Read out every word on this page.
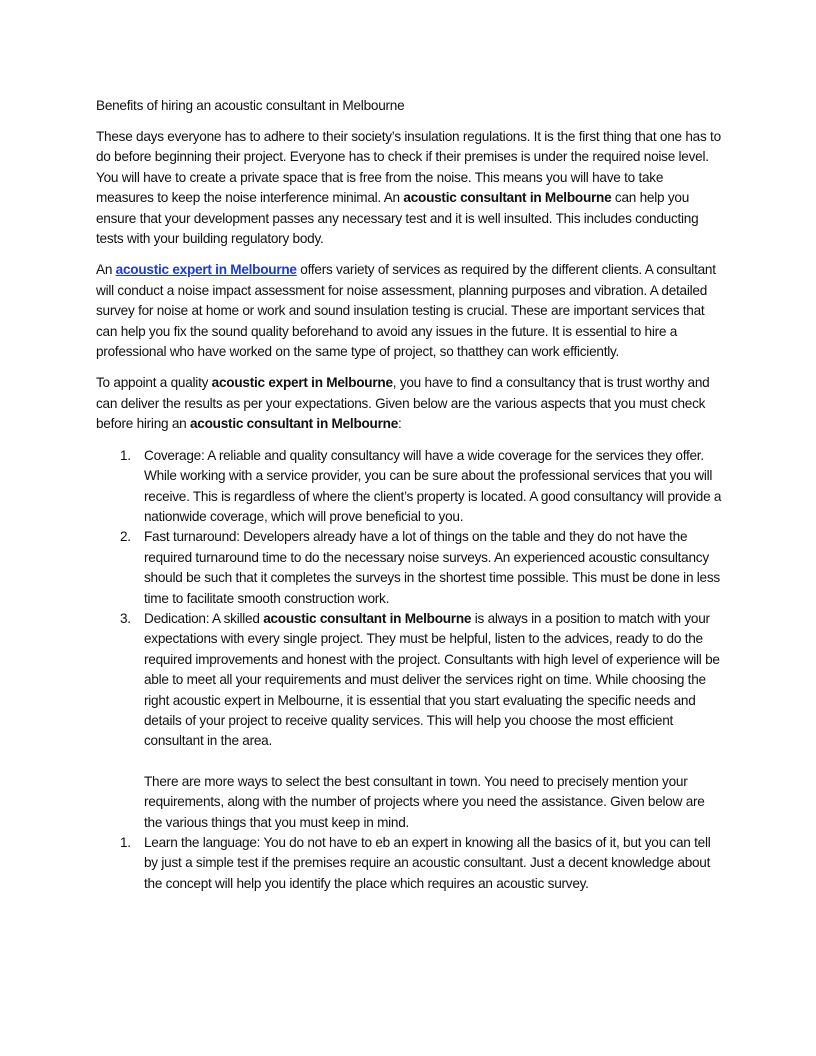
Benefits of hiring an acoustic consultant in Melbourne

These days everyone has to adhere to their society’s insulation regulations. It is the first thing that one has to do before beginning their project. Everyone has to check if their premises is under the required noise level. You will have to create a private space that is free from the noise. This means you will have to take measures to keep the noise interference minimal. An acoustic consultant in Melbourne can help you ensure that your development passes any necessary test and it is well insulted. This includes conducting tests with your building regulatory body.

An acoustic expert in Melbourne offers variety of services as required by the different clients. A consultant will conduct a noise impact assessment for noise assessment, planning purposes and vibration. A detailed survey for noise at home or work and sound insulation testing is crucial. These are important services that can help you fix the sound quality beforehand to avoid any issues in the future. It is essential to hire a professional who have worked on the same type of project, so thatthey can work efficiently.

To appoint a quality acoustic expert in Melbourne, you have to find a consultancy that is trust worthy and can deliver the results as per your expectations. Given below are the various aspects that you must check before hiring an acoustic consultant in Melbourne:

1. Coverage: A reliable and quality consultancy will have a wide coverage for the services they offer. While working with a service provider, you can be sure about the professional services that you will receive. This is regardless of where the client’s property is located. A good consultancy will provide a nationwide coverage, which will prove beneficial to you.
2. Fast turnaround: Developers already have a lot of things on the table and they do not have the required turnaround time to do the necessary noise surveys. An experienced acoustic consultancy should be such that it completes the surveys in the shortest time possible. This must be done in less time to facilitate smooth construction work.
3. Dedication: A skilled acoustic consultant in Melbourne is always in a position to match with your expectations with every single project. They must be helpful, listen to the advices, ready to do the required improvements and honest with the project. Consultants with high level of experience will be able to meet all your requirements and must deliver the services right on time. While choosing the right acoustic expert in Melbourne, it is essential that you start evaluating the specific needs and details of your project to receive quality services. This will help you choose the most efficient consultant in the area.
There are more ways to select the best consultant in town. You need to precisely mention your requirements, along with the number of projects where you need the assistance. Given below are the various things that you must keep in mind.
1. Learn the language: You do not have to eb an expert in knowing all the basics of it, but you can tell by just a simple test if the premises require an acoustic consultant. Just a decent knowledge about the concept will help you identify the place which requires an acoustic survey.
